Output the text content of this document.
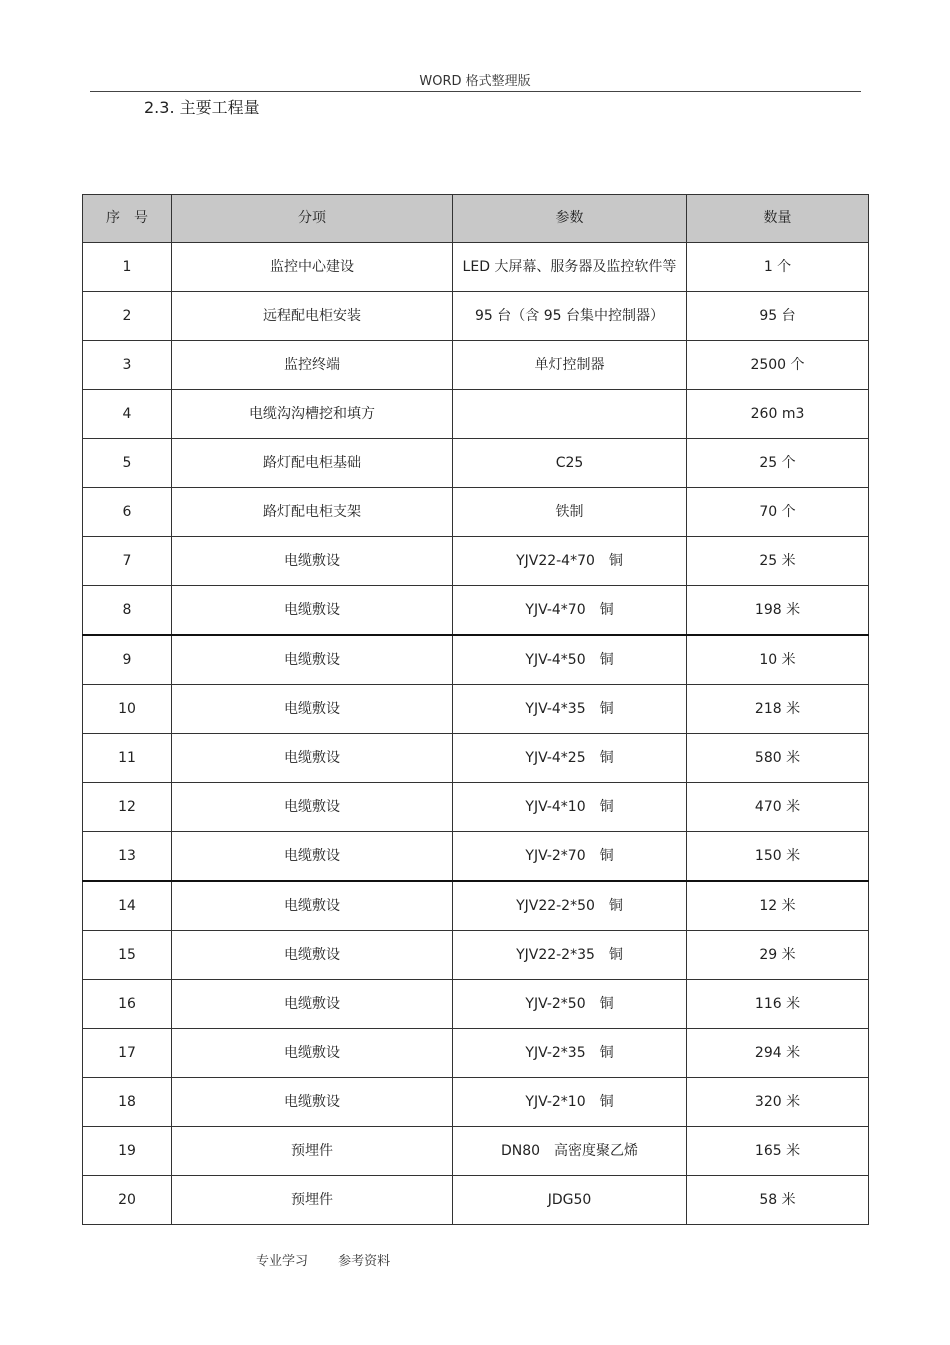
WORD 格式整理版
2.3. 主要工程量
序　号	分项	参数	数量
1	监控中心建设	LED 大屏幕、服务器及监控软件等	1 个
2	远程配电柜安装	95 台（含 95 台集中控制器）	95 台
3	监控终端	单灯控制器	2500 个
4	电缆沟沟槽挖和填方		260 m3
5	路灯配电柜基础	C25	25 个
6	路灯配电柜支架	铁制	70 个
7	电缆敷设	YJV22-4*70　铜	25 米
8	电缆敷设	YJV-4*70　铜	198 米
9	电缆敷设	YJV-4*50　铜	10 米
10	电缆敷设	YJV-4*35　铜	218 米
11	电缆敷设	YJV-4*25　铜	580 米
12	电缆敷设	YJV-4*10　铜	470 米
13	电缆敷设	YJV-2*70　铜	150 米
14	电缆敷设	YJV22-2*50　铜	12 米
15	电缆敷设	YJV22-2*35　铜	29 米
16	电缆敷设	YJV-2*50　铜	116 米
17	电缆敷设	YJV-2*35　铜	294 米
18	电缆敷设	YJV-2*10　铜	320 米
19	预埋件	DN80　高密度聚乙烯	165 米
20	预埋件	JDG50	58 米
专业学习 参考资料
